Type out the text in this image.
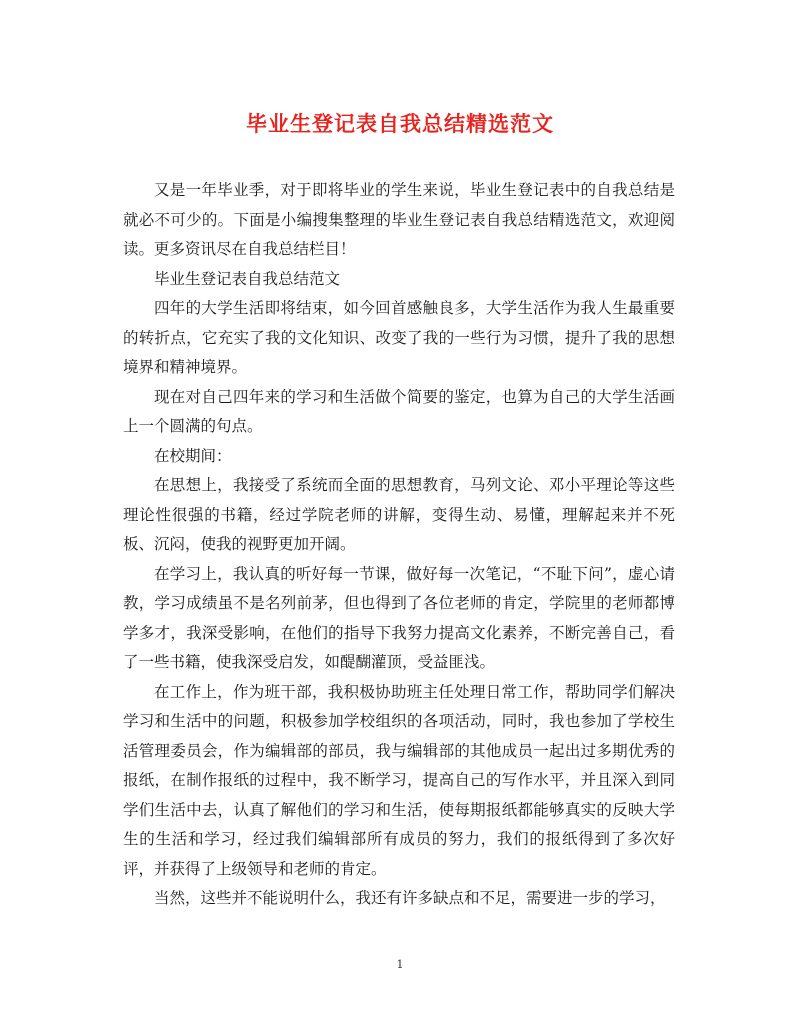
毕业生登记表自我总结精选范文

又是一年毕业季，对于即将毕业的学生来说，毕业生登记表中的自我总结是就必不可少的。下面是小编搜集整理的毕业生登记表自我总结精选范文，欢迎阅读。更多资讯尽在自我总结栏目！

毕业生登记表自我总结范文

四年的大学生活即将结束，如今回首感触良多，大学生活作为我人生最重要的转折点，它充实了我的文化知识、改变了我的一些行为习惯，提升了我的思想境界和精神境界。

现在对自己四年来的学习和生活做个简要的鉴定，也算为自己的大学生活画上一个圆满的句点。

在校期间：

在思想上，我接受了系统而全面的思想教育，马列文论、邓小平理论等这些理论性很强的书籍，经过学院老师的讲解，变得生动、易懂，理解起来并不死板、沉闷，使我的视野更加开阔。

在学习上，我认真的听好每一节课，做好每一次笔记，“不耻下问”，虚心请教，学习成绩虽不是名列前茅，但也得到了各位老师的肯定，学院里的老师都博学多才，我深受影响，在他们的指导下我努力提高文化素养，不断完善自己，看了一些书籍，使我深受启发，如醍醐灌顶，受益匪浅。

在工作上，作为班干部，我积极协助班主任处理日常工作，帮助同学们解决学习和生活中的问题，积极参加学校组织的各项活动，同时，我也参加了学校生活管理委员会，作为编辑部的部员，我与编辑部的其他成员一起出过多期优秀的报纸，在制作报纸的过程中，我不断学习，提高自己的写作水平，并且深入到同学们生活中去，认真了解他们的学习和生活，使每期报纸都能够真实的反映大学生的生活和学习，经过我们编辑部所有成员的努力，我们的报纸得到了多次好评，并获得了上级领导和老师的肯定。

当然，这些并不能说明什么，我还有许多缺点和不足，需要进一步的学习，

1
